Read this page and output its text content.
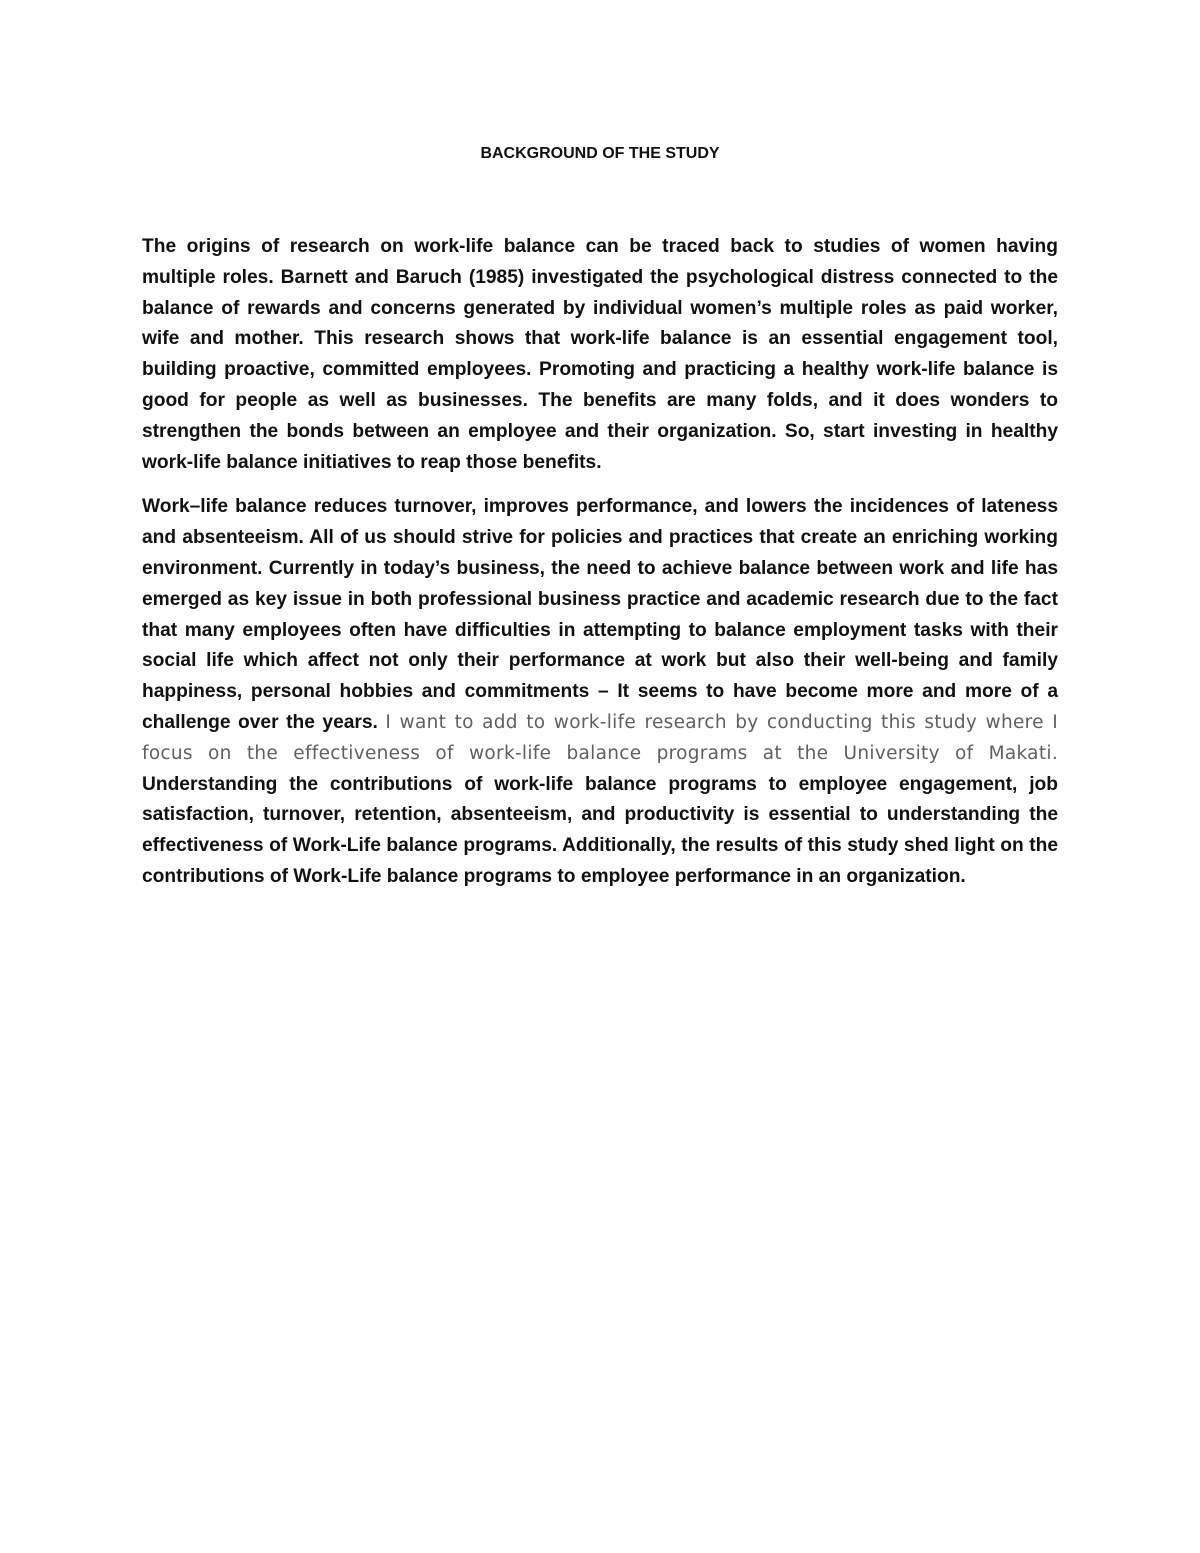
BACKGROUND OF THE STUDY

The origins of research on work-life balance can be traced back to studies of women having multiple roles. Barnett and Baruch (1985) investigated the psychological distress connected to the balance of rewards and concerns generated by individual women’s multiple roles as paid worker, wife and mother. This research shows that work-life balance is an essential engagement tool, building proactive, committed employees. Promoting and practicing a healthy work-life balance is good for people as well as businesses. The benefits are many folds, and it does wonders to strengthen the bonds between an employee and their organization. So, start investing in healthy work-life balance initiatives to reap those benefits.

Work–life balance reduces turnover, improves performance, and lowers the incidences of lateness and absenteeism. All of us should strive for policies and practices that create an enriching working environment. Currently in today’s business, the need to achieve balance between work and life has emerged as key issue in both professional business practice and academic research due to the fact that many employees often have difficulties in attempting to balance employment tasks with their social life which affect not only their performance at work but also their well-being and family happiness, personal hobbies and commitments – It seems to have become more and more of a challenge over the years. I want to add to work-life research by conducting this study where I focus on the effectiveness of work-life balance programs at the University of Makati. Understanding the contributions of work-life balance programs to employee engagement, job satisfaction, turnover, retention, absenteeism, and productivity is essential to understanding the effectiveness of Work-Life balance programs. Additionally, the results of this study shed light on the contributions of Work-Life balance programs to employee performance in an organization.
